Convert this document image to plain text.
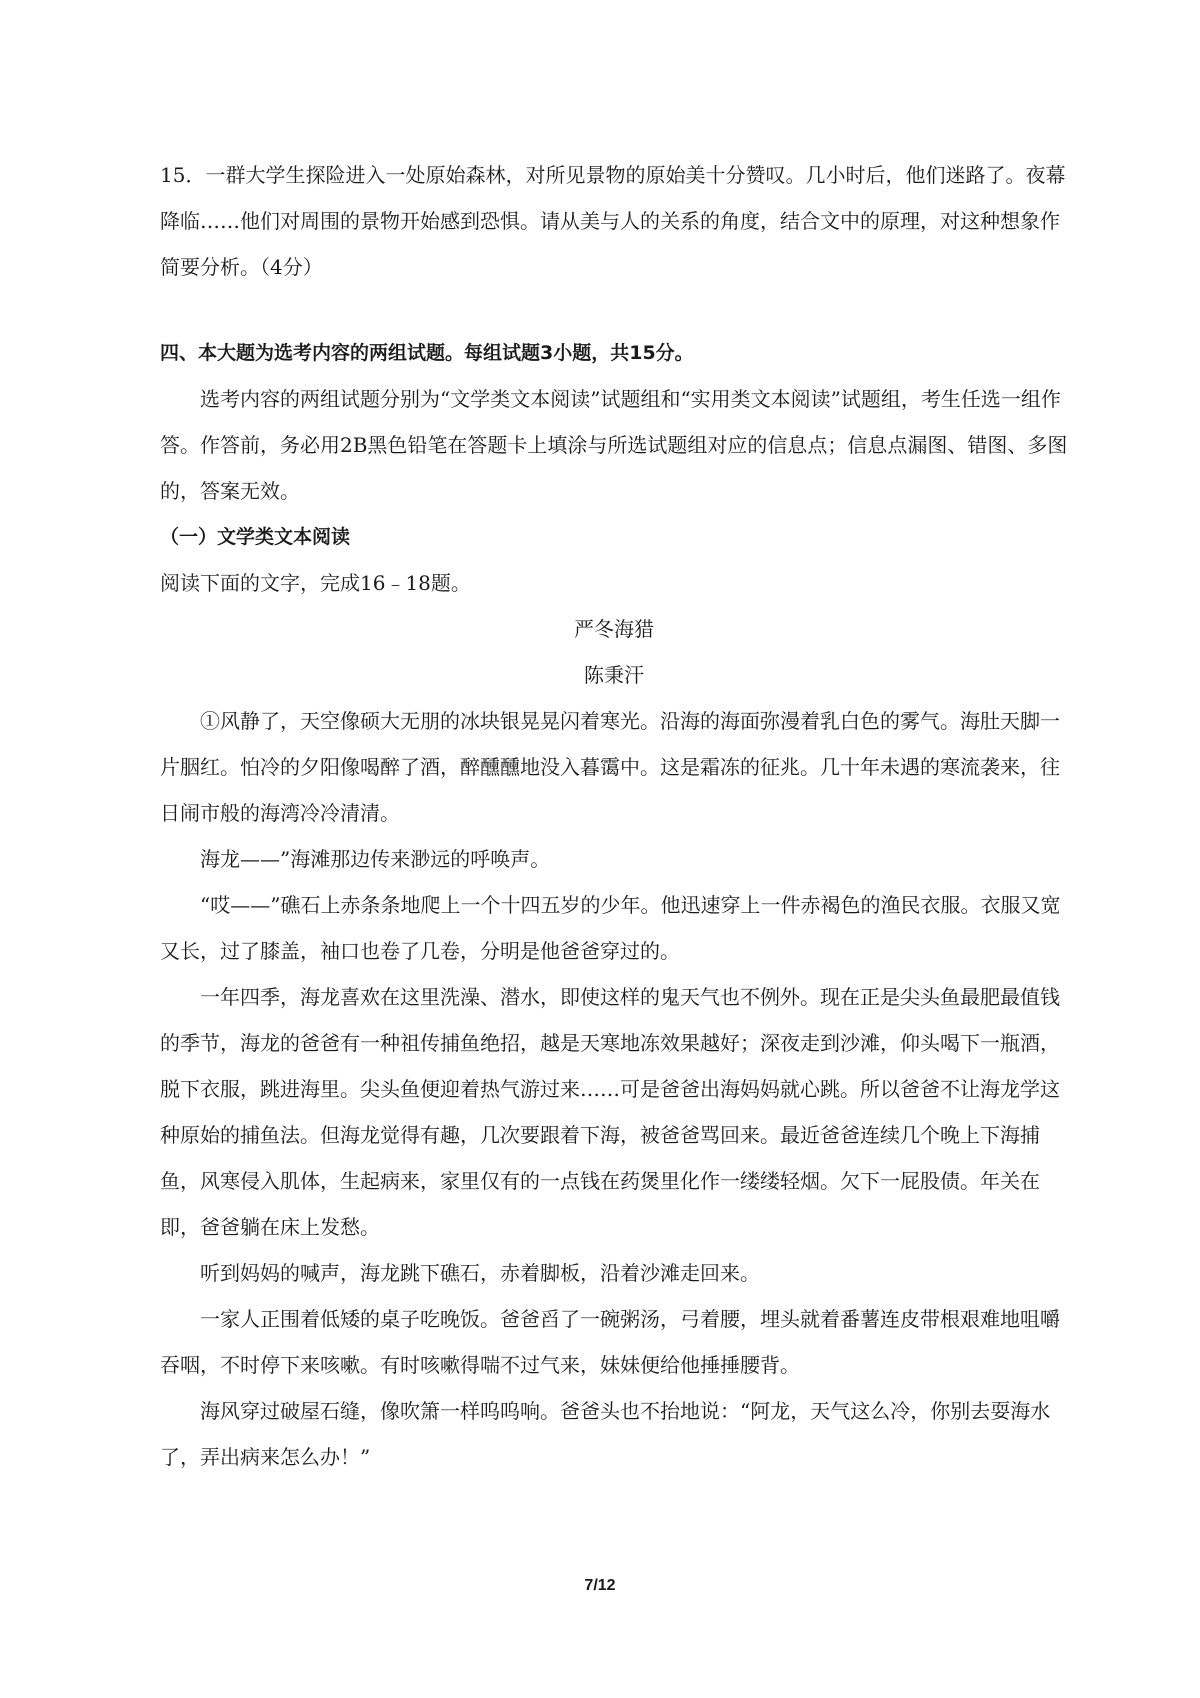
15．一群大学生探险进入一处原始森林，对所见景物的原始美十分赞叹。几小时后，他们迷路了。夜幕降临……他们对周围的景物开始感到恐惧。请从美与人的关系的角度，结合文中的原理，对这种想象作简要分析。（4分）

四、本大题为选考内容的两组试题。每组试题3小题，共15分。

选考内容的两组试题分别为“文学类文本阅读”试题组和“实用类文本阅读”试题组，考生任选一组作答。作答前，务必用2B黑色铅笔在答题卡上填涂与所选试题组对应的信息点；信息点漏图、错图、多图的，答案无效。

（一）文学类文本阅读

阅读下面的文字，完成16﹣18题。

严冬海猎

陈秉汗

①风静了，天空像硕大无朋的冰块银晃晃闪着寒光。沿海的海面弥漫着乳白色的雾气。海肚天脚一片胭红。怕冷的夕阳像喝醉了酒，醉醺醺地没入暮霭中。这是霜冻的征兆。几十年未遇的寒流袭来，往日闹市般的海湾冷冷清清。

海龙——”海滩那边传来渺远的呼唤声。

“哎——”礁石上赤条条地爬上一个十四五岁的少年。他迅速穿上一件赤褐色的渔民衣服。衣服又宽又长，过了膝盖，袖口也卷了几卷，分明是他爸爸穿过的。

一年四季，海龙喜欢在这里洗澡、潜水，即使这样的鬼天气也不例外。现在正是尖头鱼最肥最值钱的季节，海龙的爸爸有一种祖传捕鱼绝招，越是天寒地冻效果越好；深夜走到沙滩，仰头喝下一瓶酒，脱下衣服，跳进海里。尖头鱼便迎着热气游过来……可是爸爸出海妈妈就心跳。所以爸爸不让海龙学这种原始的捕鱼法。但海龙觉得有趣，几次要跟着下海，被爸爸骂回来。最近爸爸连续几个晚上下海捕鱼，风寒侵入肌体，生起病来，家里仅有的一点钱在药煲里化作一缕缕轻烟。欠下一屁股债。年关在即，爸爸躺在床上发愁。

听到妈妈的喊声，海龙跳下礁石，赤着脚板，沿着沙滩走回来。

一家人正围着低矮的桌子吃晚饭。爸爸舀了一碗粥汤，弓着腰，埋头就着番薯连皮带根艰难地咀嚼吞咽，不时停下来咳嗽。有时咳嗽得喘不过气来，妹妹便给他捶捶腰背。

海风穿过破屋石缝，像吹箫一样呜呜响。爸爸头也不抬地说：“阿龙，天气这么冷，你别去耍海水了，弄出病来怎么办！”

7/12
